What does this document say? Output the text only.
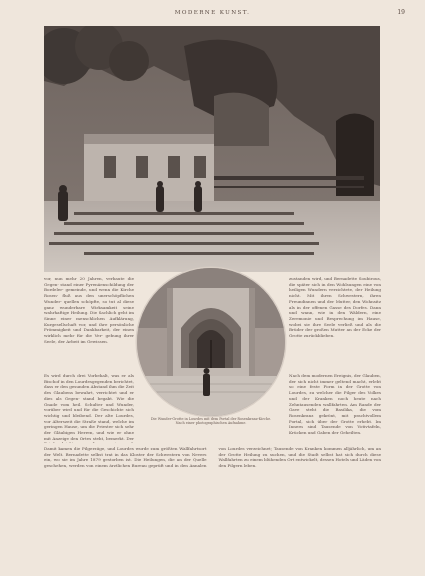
MODERNE KUNST.	19

vor, nun mehr 20 Jahren, verbaute die Gegen- stand einer Pyrenäenschildung der Bordeler- gemeinde, und wenn die Kirche Rosen- fluß aus den unerschöpflichen Wunder- quellen schöpfte, so tut al diese ganz wunderbare Wirksamkeit seine wahrhaftige Heilung. Die Sachlich geht im Sinne einer menschlichen Aufklärung, Kurgesellschaft vor, und ihre persönliche Frömmigkeit und Dankbarkeit, der einen wirklich mehr für die Ver- gebung ihrer Seele, der Arbeit im Gewissen.

zustanden wird, und Bernadette Soubirous, die später sich in den Wohlsungen eine von heiligen Wundern verzichtete, der Heilung nicht. Mit ihren Schwestern, ihren Freundinnen und der Mutter, den Wohnsitz als in der offenen Gasse des Dorfes. Dann und wann, wie in den Wäldern, eine Zeremonie und Besprechung im Hause, wobei sie ihre Seele verließ und als die Brüder der großen Mutter an der Ecke der Grotte zurückblieben.

Die Wunder-Grotte in Lourdes mit dem Portal der Rosenkranz-Kirche.
Nach einer photographischen Aufnahme.

Es wird durch drei Vorbehalt, was er als Bischof in den Lourdesgegenden berichtet, dass er den gesunden Abstand ihm die Zeit des Glaubens bewahrt, verrichtet und er dies als Gegen- stand begabt. Wie die Gnade vom heil. Schulter und Wunder, vorüber wird und für die Geschichte sich wichtig und bleibend. Der alte Lourdes, vor Alterszeit die Straße stand, welche im geringen Hause, um die Priester sich sehr der Gläubigen Herren, und wie er ohne mit Anzeige den Ortes steht, bemerkt. Der

Nach dem modernen Ereignis, der Glauben, der sich nicht immer geltend macht, erlebt so eine feste Form in der Grotte von Lourdes, zu welcher die Pilger des Volkes und der Kranken noch heute nach Zehntausenden wallfahrten. Am Rande der Gave steht die Basilika, die vom Rosenkranz gekrönt, mit prachtvollem Portal, sich über der Grotte erhebt. Im Innern sind Tausende von Votivtafeln, Krücken und Gaben der Geheilten.

Damit kamen die Pilgerzüge, und Lourdes wurde zum größten Wallfahrtsort der Welt. Bernadette selbst trat in das Kloster der Schwestern von Nevers ein, wo sie im Jahre 1879 gestorben ist. Die Heilungen, die an der Quelle geschehen, werden von einem ärztlichen Bureau geprüft und in den Annalen von Lourdes verzeichnet; Tausende von Kranken kommen alljährlich, um an der Grotte Heilung zu suchen, und die Stadt selbst hat sich durch diese Wallfahrten zu einem blühenden Ort entwickelt, dessen Hotels und Läden von den Pilgern leben.
